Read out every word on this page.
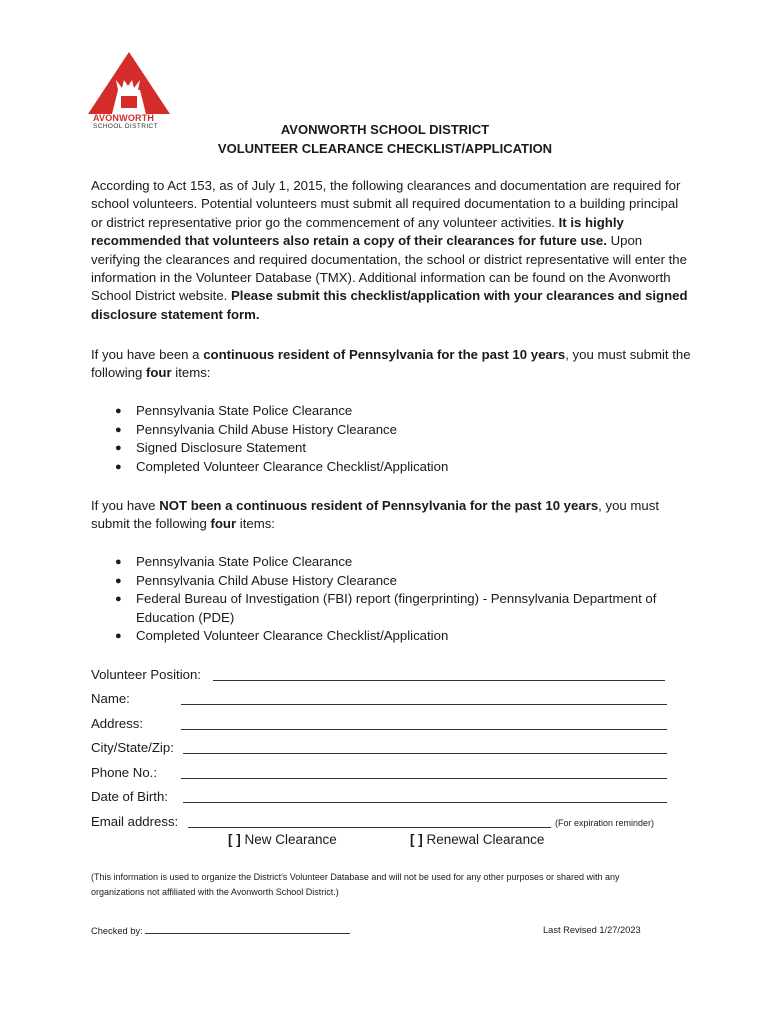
AVONWORTH
SCHOOL DISTRICT	AVONWORTH SCHOOL DISTRICT
VOLUNTEER CLEARANCE CHECKLIST/APPLICATION

According to Act 153, as of July 1, 2015, the following clearances and documentation are required for school volunteers. Potential volunteers must submit all required documentation to a building principal or district representative prior go the commencement of any volunteer activities. It is highly recommended that volunteers also retain a copy of their clearances for future use. Upon verifying the clearances and required documentation, the school or district representative will enter the information in the Volunteer Database (TMX). Additional information can be found on the Avonworth School District website. Please submit this checklist/application with your clearances and signed disclosure statement form.

If you have been a continuous resident of Pennsylvania for the past 10 years, you must submit the following four items:

● Pennsylvania State Police Clearance
● Pennsylvania Child Abuse History Clearance
● Signed Disclosure Statement
● Completed Volunteer Clearance Checklist/Application

If you have NOT been a continuous resident of Pennsylvania for the past 10 years, you must submit the following four items:

● Pennsylvania State Police Clearance
● Pennsylvania Child Abuse History Clearance
● Federal Bureau of Investigation (FBI) report (fingerprinting) - Pennsylvania Department of Education (PDE)
● Completed Volunteer Clearance Checklist/Application
Volunteer Position:
Name:
Address:
City/State/Zip:
Phone No.:
Date of Birth:
Email address:	(For expiration reminder)
[ ] New Clearance	[ ] Renewal Clearance
(This information is used to organize the District's Volunteer Database and will not be used for any other purposes or shared with any organizations not affiliated with the Avonworth School District.)
Checked by:	Last Revised 1/27/2023
